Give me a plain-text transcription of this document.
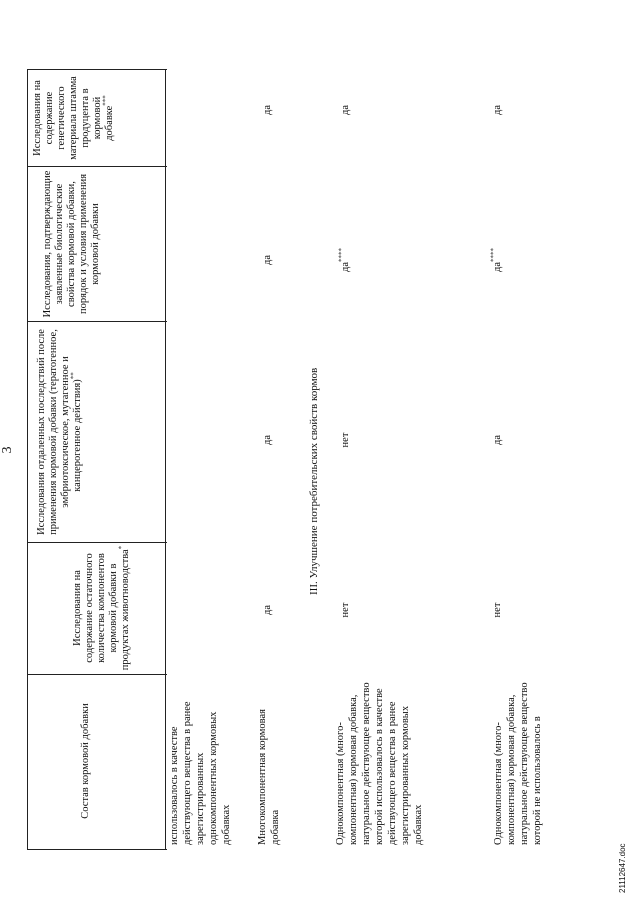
3
Состав кормовой добавки
Исследования на содержание остаточного количества компонентов кормовой добавки в продуктах животноводства*
Исследования отдаленных последствий после применения кормовой добавки (тератогенное, эмбриотоксическое, мутагенное и канцерогенное действия)**
Исследования, подтверждающие заявленные биологические свойства кормовой добавки, порядок и условия применения кормовой добавки
Исследования на содержание генетического материала штамма продуцента в кормовой добавке***
использовалось в качестве действующего вещества в ранее зарегистрированных однокомпонентных кормовых добавках Многокомпонентная кормовая добавка
да
да
да
да
III. Улучшение потребительских свойств кормов
Однокомпонентная (много-компонентная) кормовая добавка, натуральное действующее вещество которой использовалось в качестве действующего вещества в ранее зарегистрированных кормовых добавках
нет
нет
да****
да
Однокомпонентная (много-компонентная) кормовая добавка, натуральное действующее вещество которой не использовалось в
нет
да
да****
да
21112647.doc
